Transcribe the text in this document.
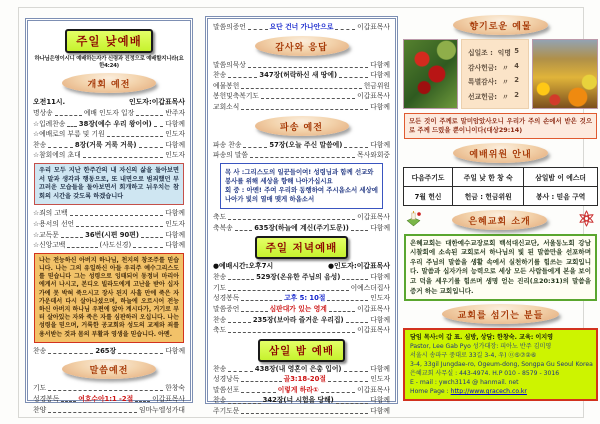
주일 낮예배
하나님은영이시니 예배하는자가 신령과 진정으로 예배할지니라(요한4:24)
개회 예전
오전11시.	인도자:이갑표목사
명상송	예배 인도자 입장	반주자
☆입례찬송 38장(예수 우리 왕이여) 다함께
☆예배로의 부름 및 기원	인도자
찬송	8장(거룩 거룩 거룩)	다함께
☆참회에의 초대	인도자
우리 모두 지난 한주간의 내 자신의 삶을 돌아보면서 말과 생각과 행동으로, 또 내면으로 범죄했던 부끄러운 모습들을 돌아보면서 회개하고 뉘우치는 참회의 시간을 갖도록 하겠습니다
☆죄의 고백	다함께
☆용서의 선언	인도자
☆교독문	36번(시편 90편)	다함께
☆신앙고백	(사도신경)	다함께
나는 전능하신 아버지 하나님, 천지의 창조주를 믿습니다. 나는 그의 유일하신 아들 우리주 예수그리스도를 믿습니다 그는 성령으로 잉태되어 동정녀 마리아에게서 나시고, 본디오 빌라도에게 고난을 받아 십자가에 못 박혀 죽으시고 장사 된지 사흘 만에 죽은 자 가운데서 다시 살아나셨으며, 하늘에 오르시어 전능하신 아버지 하나님 우편에 앉아 계시다가, 거기로 부터 살아있는 자와 죽은 자를 심판하러 오십니다. 나는 성령을 믿으며, 거룩한 공교회와 성도의 교제와 죄를 용서받는 것과 몸의 부활과 영생을 믿습니다. 아멘.
찬송	265장	다함께
말씀예전
기도	한창숙
성경봉독	여호수아1:1 -2절	이갑표목사
찬양	임마누엘성가대
말씀의증언	요단 건너 가나안으로	이갑표목사
감사와 응답
말씀의묵상	다함께
찬송	347장(허락하신 새 땅에)	다함께
예물봉헌	헌금위원
봉헌및축복기도	이갑표목사
교회소식	다함께
파송 예전
파송 찬송	57장(오늘 주신 말씀에)	다함께
파송의 말씀	목사와회중
목 사 :그리스도의 일꾼들이여! 성령님과 함께 선교와 봉사를 위해 세상을 향해 나아가십시요
회 중 : 아멘! 주여 우리와 동행하여 주시옵소서 세상에 나아가 빛의 열매 맺게 하옵소서
축도	이갑표목사
축복송	635장(하늘에 계신(주기도문))	다함께
주일 저녁예배
●예배시간:오후7시	●인도자:이갑표목사
찬송	529장(온유한 주님의 음성)	다함께
기도	이예스더집사
성경봉독	고후 5: 10절	인도자
말씀증언	심판대가 있는 영계	이갑표목사
찬송	235장(보아라 즐거운 우리집)	다함께
축도	이갑표목사
삼일 밤 예배
찬송	438장(내 영혼이 은총 입어)	다함께
성경낭독	골3:18-20절	인도자
말씀선포	이렇게 하라①	이갑표목사
찬송	342장(너 시험을 당해)	다함께
주기도문	다함께
향기로운 예물
십일조 : 익명 5
감사헌금: 〃 4
특별감사: 〃 2
선교헌금: 〃 2
모든 것이 주께로 말미암았사오니 우리가 주의 손에서 받은 것으로 주께 드렸을 뿐이니이다(대상29:14)
예배위원 안내
다음주기도	주일 낮 한 창 숙	삼일밤 이 에스더
7월 헌신	헌금 : 헌금위원	봉사 : 믿음 구역
은혜교회 소개
은혜교회는 대한예수교장로회 백석대신교단, 서울동노회 강남시찰회에 소속된 교회로서 하나님의 빛 된 말씀만을 선포하며 우리 주님의 말씀을 생활 속에서 실천하기를 힘쓰는 교회입니다. 말씀과 십자가의 능력으로 세상 모든 사람들에게 본을 보이고 덕을 세우기를 힘쓰며 생명 얻는 진리(요20:31)의 말씀을 증거 하는 교회입니다.
교회를 섬기는 분들
담임 목사:이 갑 표. 심방, 상담: 한창숙. 교육: 이지영
Pastor, Lee Gab Pyo 성가대장: 피아노 반주 김미영
서울시 송파구 중대로 33길 3-4, 우) ⓪⑤⑦②⑥
3-4, 33gil Jungdae-ro, Ogeum-dong, Songpa Gu Seoul Korea
은혜교회 사무실 : 443-4974. H.P 010 - 8579 - 3016
E - mail : ywch3114 @ hanmail. net
Home Page : http://www.gracech.co.kr
